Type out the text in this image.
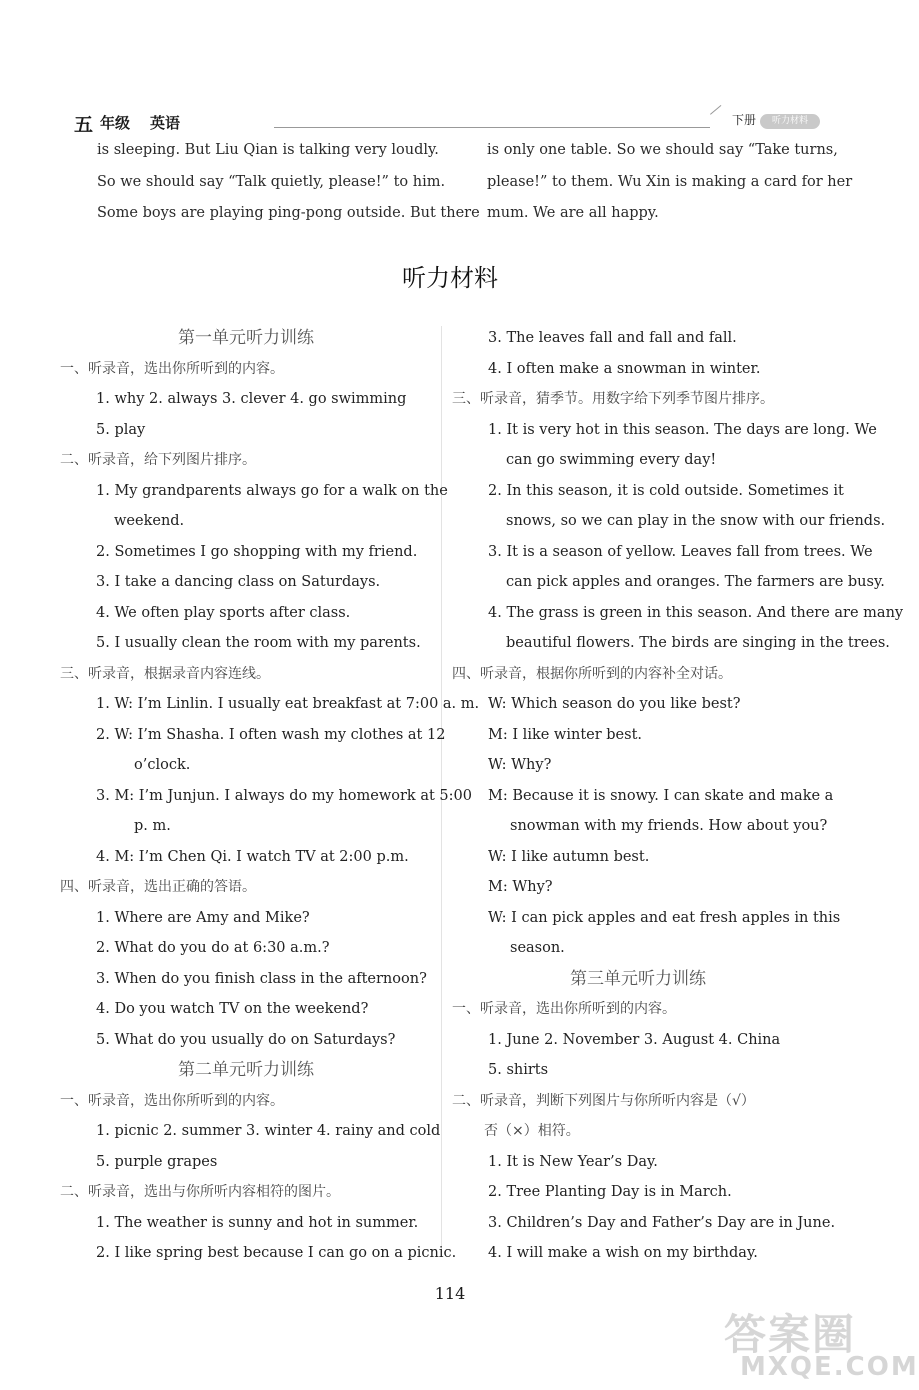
五 年级 英语	下册	听力材料
is sleeping. But Liu Qian is talking very loudly.
So we should say “Talk quietly, please!” to him.
Some boys are playing ping-pong outside. But there
is only one table. So we should say “Take turns,
please!” to them. Wu Xin is making a card for her
mum. We are all happy.
听力材料
第一单元听力训练
一、听录音，选出你所听到的内容。
1. why 2. always 3. clever 4. go swimming
5. play
二、听录音，给下列图片排序。
1. My grandparents always go for a walk on the
weekend.
2. Sometimes I go shopping with my friend.
3. I take a dancing class on Saturdays.
4. We often play sports after class.
5. I usually clean the room with my parents.
三、听录音，根据录音内容连线。
1. W: I’m Linlin. I usually eat breakfast at 7:00 a. m.
2. W: I’m Shasha. I often wash my clothes at 12
o’clock.
3. M: I’m Junjun. I always do my homework at 5:00
p. m.
4. M: I’m Chen Qi. I watch TV at 2:00 p.m.
四、听录音，选出正确的答语。
1. Where are Amy and Mike?
2. What do you do at 6:30 a.m.?
3. When do you finish class in the afternoon?
4. Do you watch TV on the weekend?
5. What do you usually do on Saturdays?
第二单元听力训练
一、听录音，选出你所听到的内容。
1. picnic 2. summer 3. winter 4. rainy and cold
5. purple grapes
二、听录音，选出与你所听内容相符的图片。
1. The weather is sunny and hot in summer.
2. I like spring best because I can go on a picnic.
3. The leaves fall and fall and fall.
4. I often make a snowman in winter.
三、听录音，猜季节。用数字给下列季节图片排序。
1. It is very hot in this season. The days are long. We
can go swimming every day!
2. In this season, it is cold outside. Sometimes it
snows, so we can play in the snow with our friends.
3. It is a season of yellow. Leaves fall from trees. We
can pick apples and oranges. The farmers are busy.
4. The grass is green in this season. And there are many
beautiful flowers. The birds are singing in the trees.
四、听录音，根据你所听到的内容补全对话。
W: Which season do you like best?
M: I like winter best.
W: Why?
M: Because it is snowy. I can skate and make a
snowman with my friends. How about you?
W: I like autumn best.
M: Why?
W: I can pick apples and eat fresh apples in this
season.
第三单元听力训练
一、听录音，选出你所听到的内容。
1. June 2. November 3. August 4. China
5. shirts
二、听录音，判断下列图片与你所听内容是（√）
否（×）相符。
1. It is New Year’s Day.
2. Tree Planting Day is in March.
3. Children’s Day and Father’s Day are in June.
4. I will make a wish on my birthday.
114
答案圈
MXQE.COM
